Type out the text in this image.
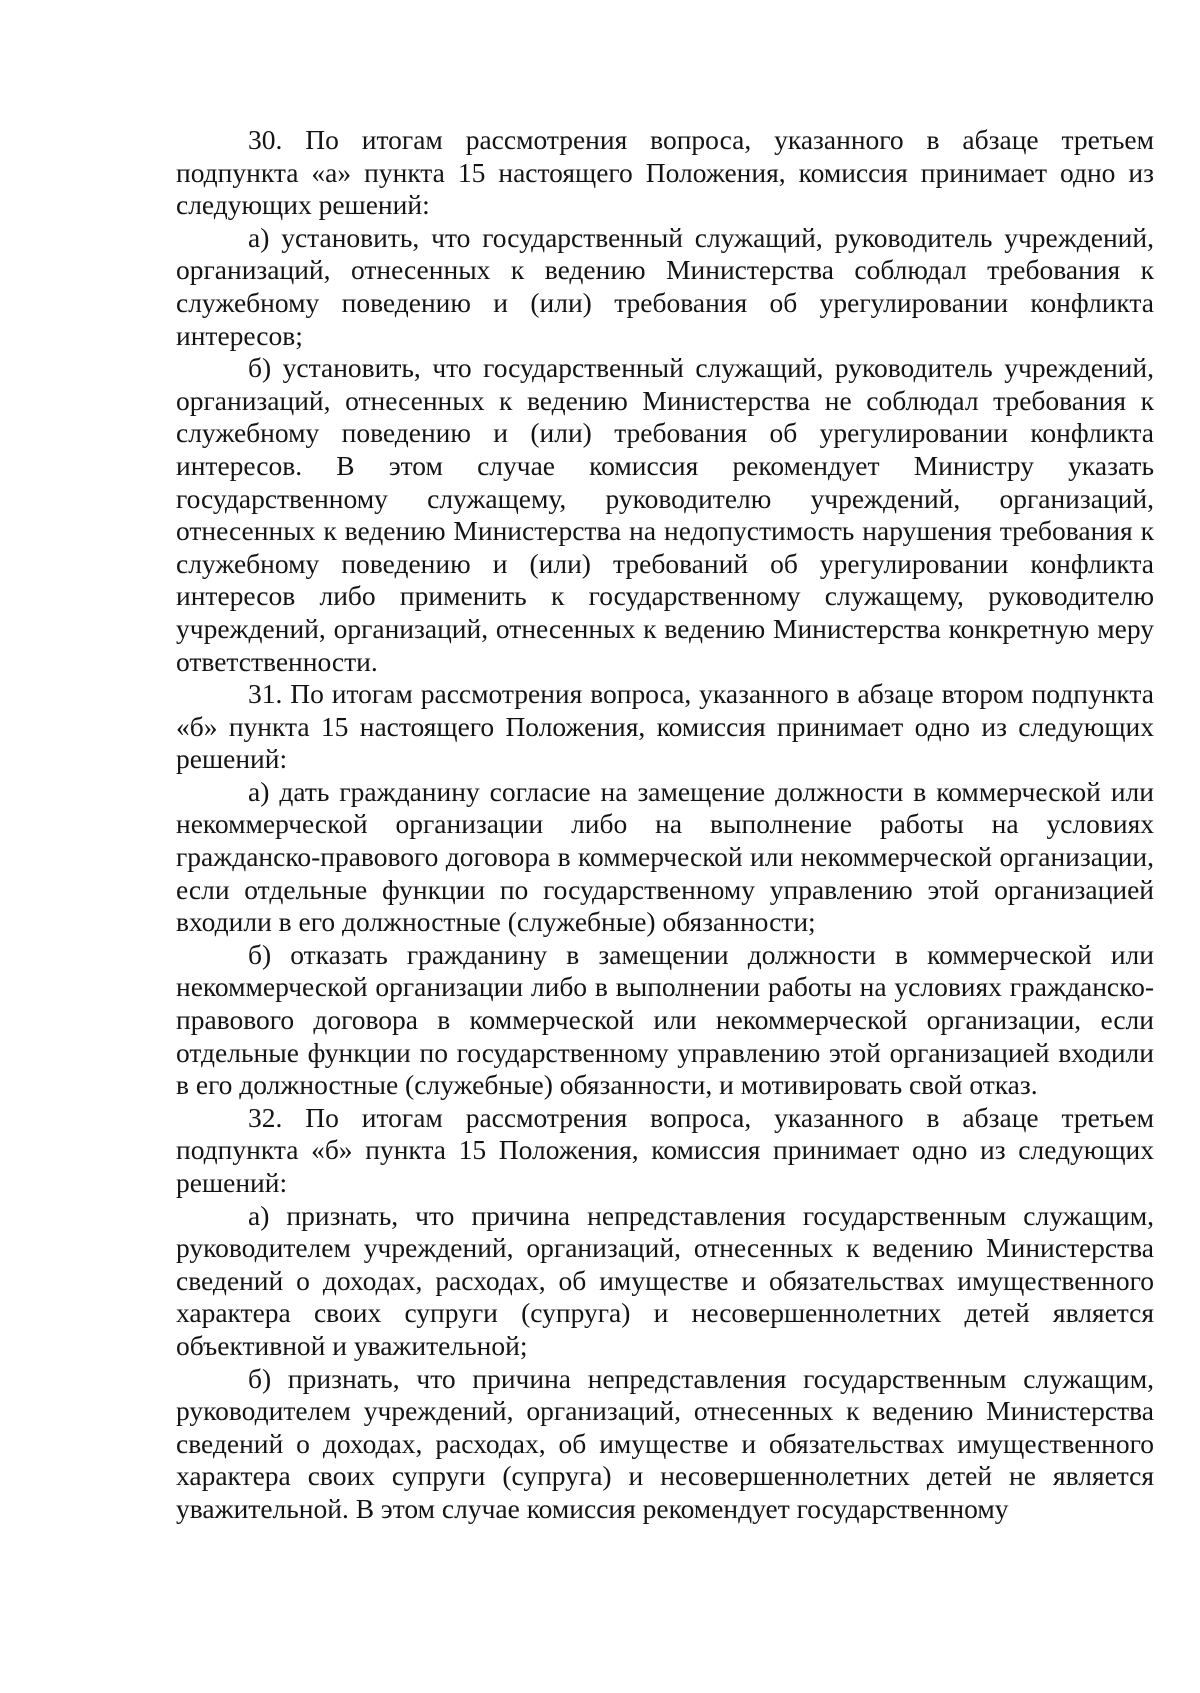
30. По итогам рассмотрения вопроса, указанного в абзаце третьем подпункта «а» пункта 15 настоящего Положения, комиссия принимает одно из следующих решений:

а) установить, что государственный служащий, руководитель учреждений, организаций, отнесенных к ведению Министерства соблюдал требования к служебному поведению и (или) требования об урегулировании конфликта интересов;

б) установить, что государственный служащий, руководитель учреждений, организаций, отнесенных к ведению Министерства не соблюдал требования к служебному поведению и (или) требования об урегулировании конфликта интересов. В этом случае комиссия рекомендует Министру указать государственному служащему, руководителю учреждений, организаций, отнесенных к ведению Министерства на недопустимость нарушения требования к служебному поведению и (или) требований об урегулировании конфликта интересов либо применить к государственному служащему, руководителю учреждений, организаций, отнесенных к ведению Министерства конкретную меру ответственности.

31. По итогам рассмотрения вопроса, указанного в абзаце втором подпункта «б» пункта 15 настоящего Положения, комиссия принимает одно из следующих решений:

а) дать гражданину согласие на замещение должности в коммерческой или некоммерческой организации либо на выполнение работы на условиях гражданско-правового договора в коммерческой или некоммерческой организации, если отдельные функции по государственному управлению этой организацией входили в его должностные (служебные) обязанности;

б) отказать гражданину в замещении должности в коммерческой или некоммерческой организации либо в выполнении работы на условиях гражданско-правового договора в коммерческой или некоммерческой организации, если отдельные функции по государственному управлению этой организацией входили в его должностные (служебные) обязанности, и мотивировать свой отказ.

32. По итогам рассмотрения вопроса, указанного в абзаце третьем подпункта «б» пункта 15 Положения, комиссия принимает одно из следующих решений:

а) признать, что причина непредставления государственным служащим, руководителем учреждений, организаций, отнесенных к ведению Министерства сведений о доходах, расходах, об имуществе и обязательствах имущественного характера своих супруги (супруга) и несовершеннолетних детей является объективной и уважительной;

б) признать, что причина непредставления государственным служащим, руководителем учреждений, организаций, отнесенных к ведению Министерства сведений о доходах, расходах, об имуществе и обязательствах имущественного характера своих супруги (супруга) и несовершеннолетних детей не является уважительной. В этом случае комиссия рекомендует государственному
